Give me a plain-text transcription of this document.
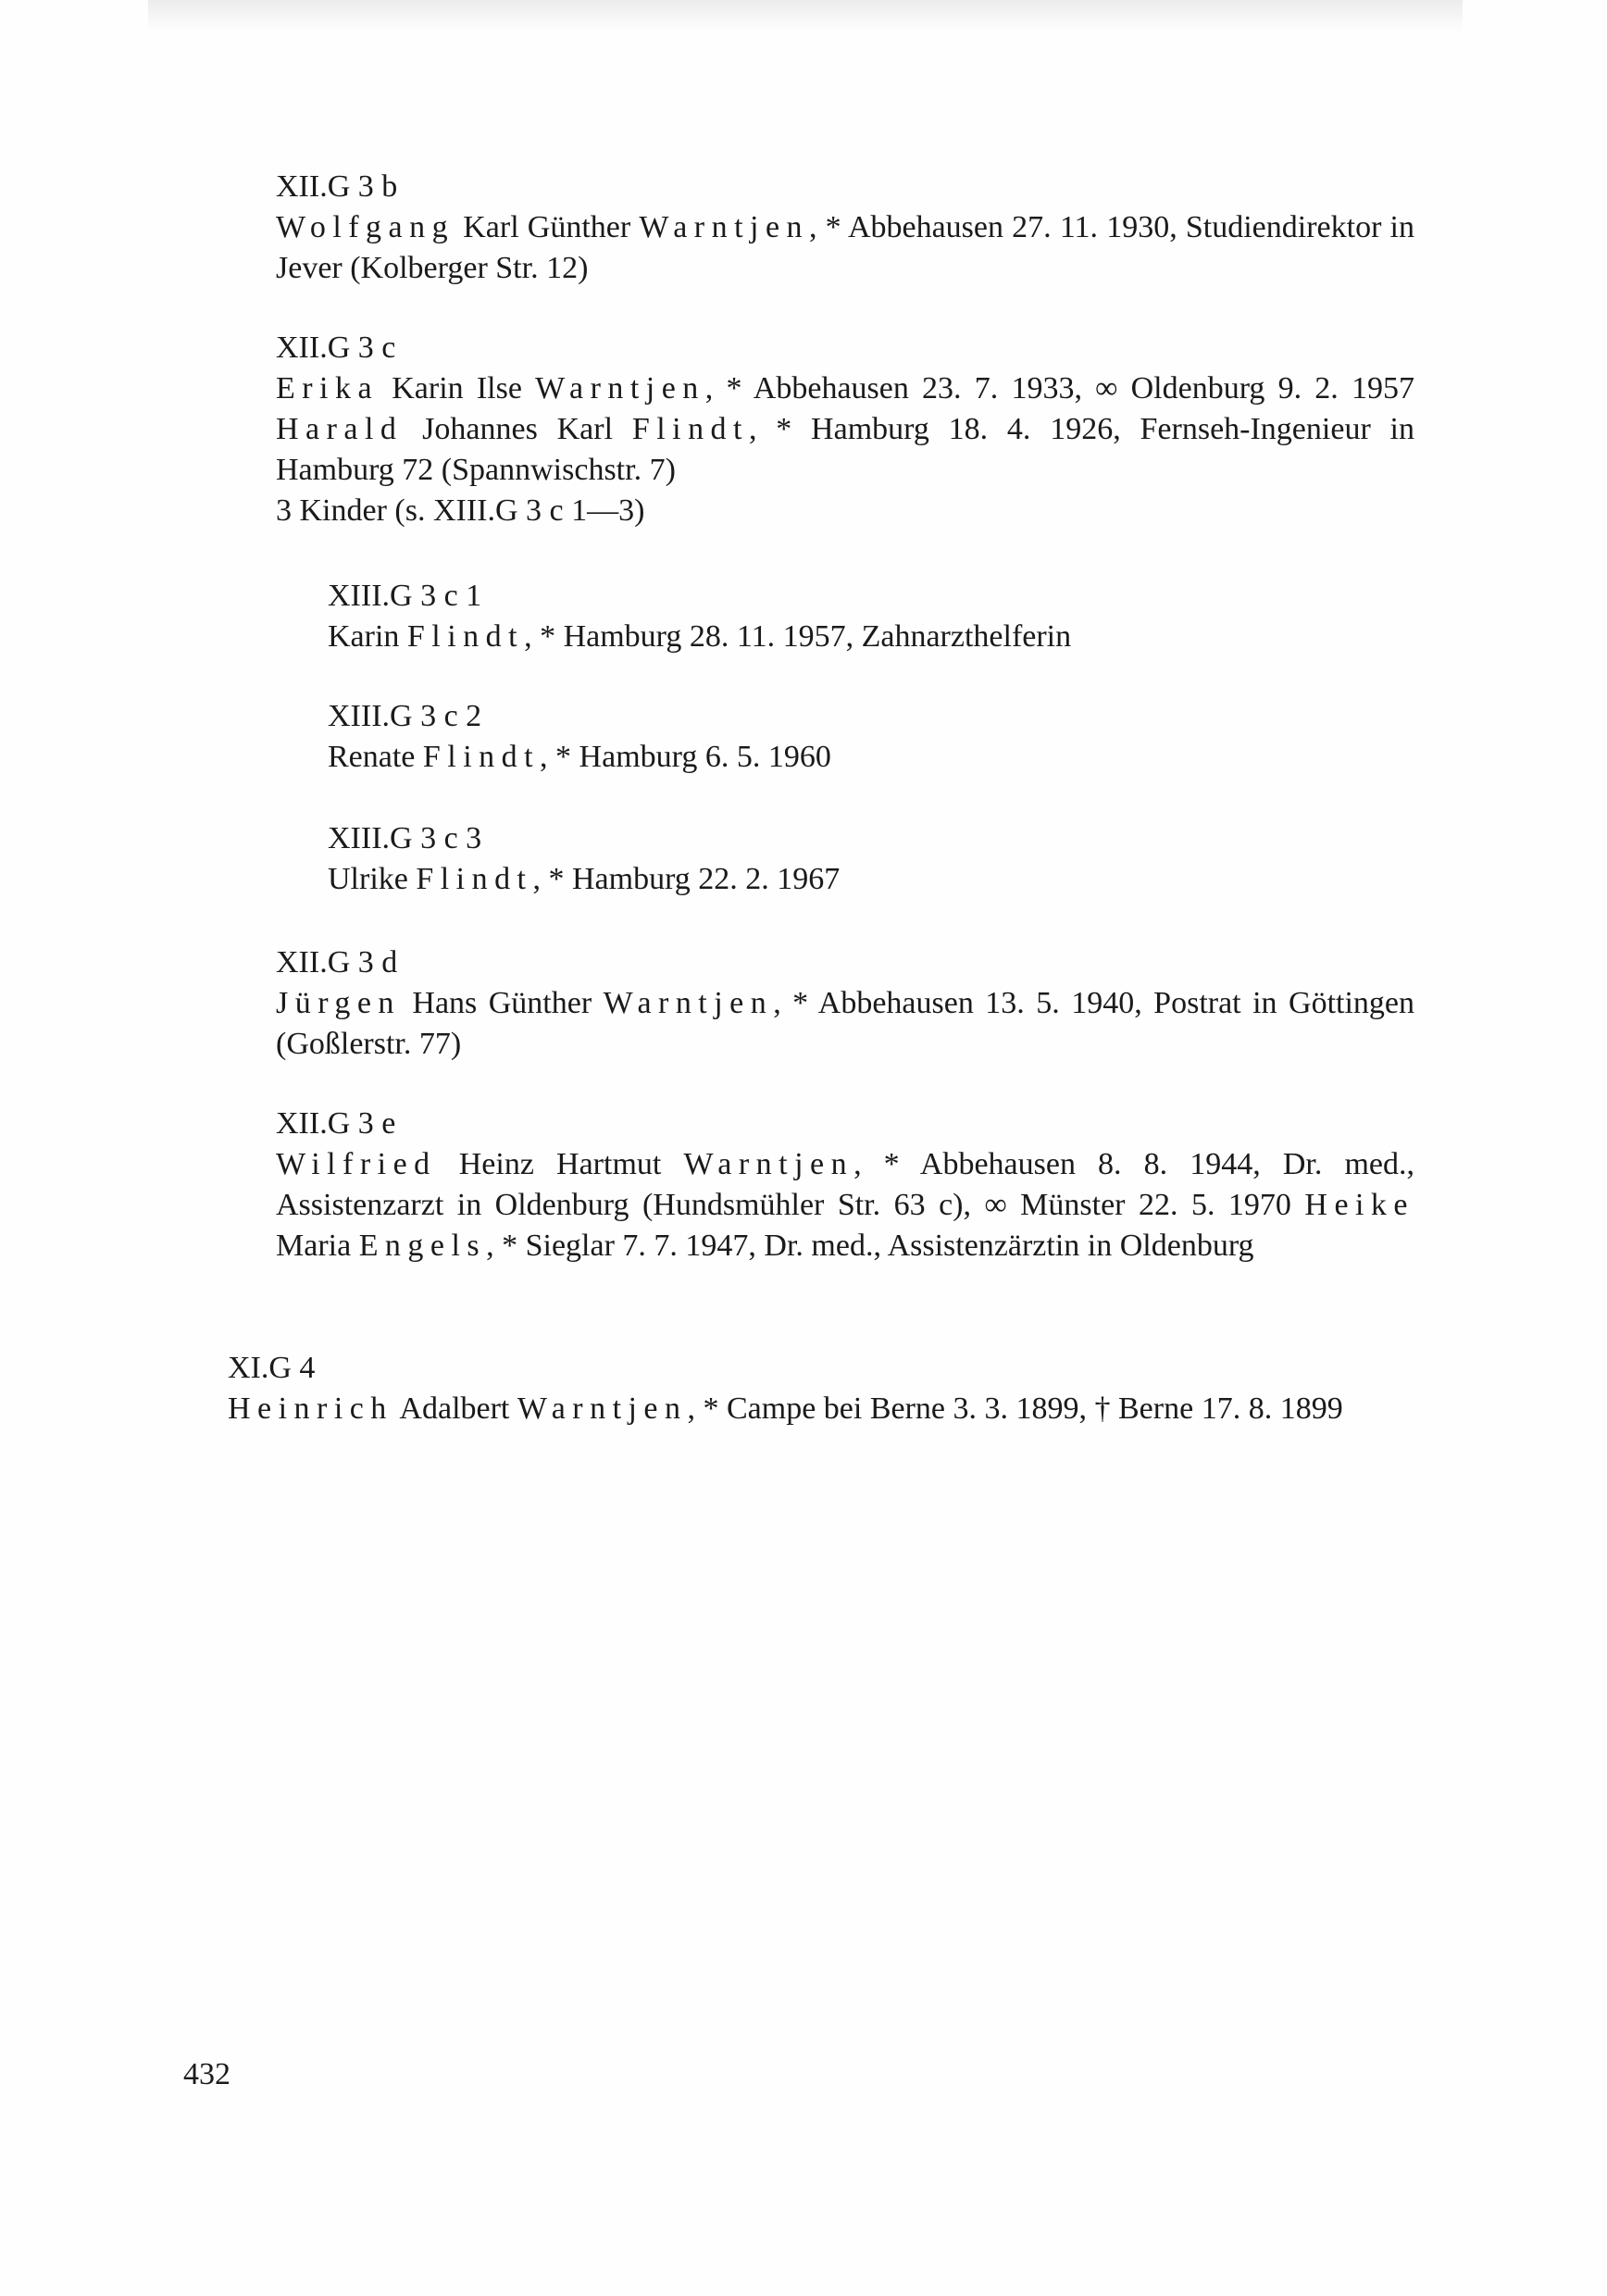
XII.G 3 b
Wolfgang Karl Günther Warntjen, * Abbehausen 27. 11. 1930, Studiendirektor in Jever (Kolberger Str. 12)
XII.G 3 c
Erika Karin Ilse Warntjen, * Abbehausen 23. 7. 1933, ∞ Oldenburg 9. 2. 1957 Harald Johannes Karl Flindt, * Hamburg 18. 4. 1926, Fernseh-Ingenieur in Hamburg 72 (Spannwischstr. 7)
3 Kinder (s. XIII.G 3 c 1—3)
XIII.G 3 c 1
Karin Flindt, * Hamburg 28. 11. 1957, Zahnarzthelferin
XIII.G 3 c 2
Renate Flindt, * Hamburg 6. 5. 1960
XIII.G 3 c 3
Ulrike Flindt, * Hamburg 22. 2. 1967
XII.G 3 d
Jürgen Hans Günther Warntjen, * Abbehausen 13. 5. 1940, Postrat in Göttingen (Goßlerstr. 77)
XII.G 3 e
Wilfried Heinz Hartmut Warntjen, * Abbehausen 8. 8. 1944, Dr. med., Assistenzarzt in Oldenburg (Hundsmühler Str. 63 c), ∞ Münster 22. 5. 1970 Heike Maria Engels, * Sieglar 7. 7. 1947, Dr. med., Assistenzärztin in Oldenburg
XI.G 4
Heinrich Adalbert Warntjen, * Campe bei Berne 3. 3. 1899, † Berne 17. 8. 1899
432
